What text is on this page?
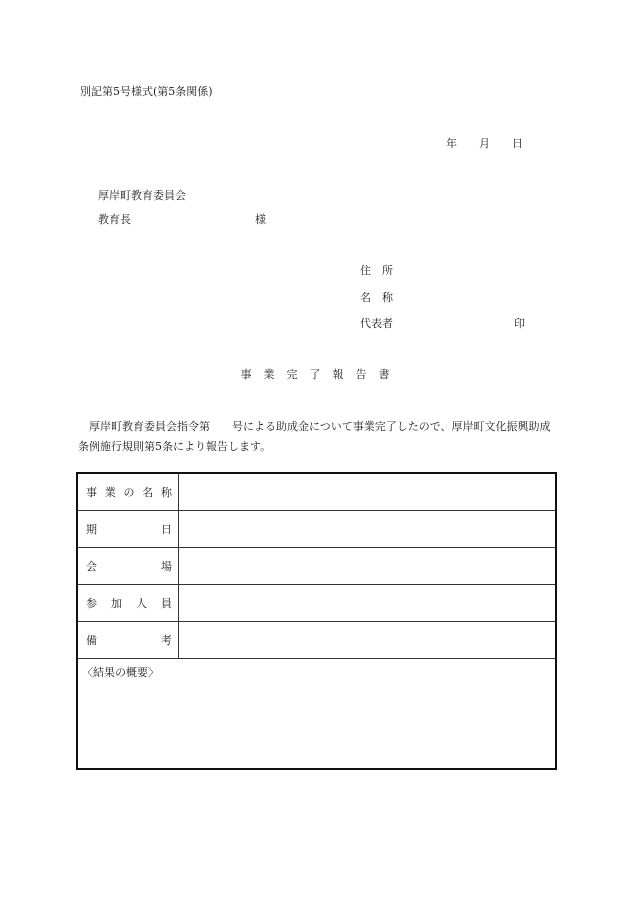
別記第5号様式(第5条関係)
年 月 日
厚岸町教育委員会
教育長	様
住　所
名　称
代表者	印
事 業 完 了 報 告 書
厚岸町教育委員会指令第　　号による助成金について事業完了したので、厚岸町文化振興助成条例施行規則第5条により報告します。
事 業 の 名 称
期	日
会	場
参 加 人 員
備	考
〈結果の概要〉
